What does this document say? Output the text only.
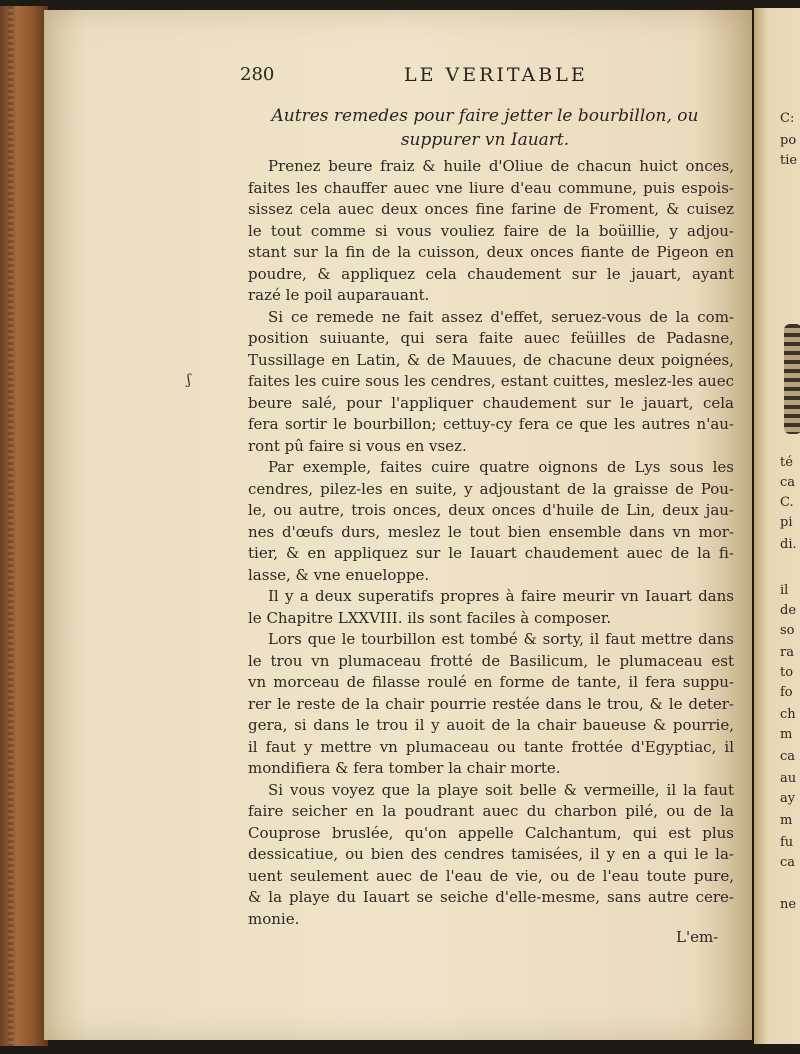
C:
po
tie
té
ca
C.
pi
di.
il
de
so
ra
to
fo
ch
m
ca
au
ay
m
fu
ca
ne
280	LE VERITABLE
Autres remedes pour faire jetter le bourbillon, ou
suppurer vn Iauart.
Prenez beure fraiz & huile d'Oliue de chacun huict onces,
faites les chauffer auec vne liure d'eau commune, puis espois-
sissez cela auec deux onces fine farine de Froment, & cuisez
le tout comme si vous vouliez faire de la boüillie, y adjou-
stant sur la fin de la cuisson, deux onces fiante de Pigeon en
poudre, & appliquez cela chaudement sur le jauart, ayant
razé le poil auparauant.
Si ce remede ne fait assez d'effet, seruez-vous de la com-
position suiuante, qui sera faite auec feüilles de Padasne,
Tussillage en Latin, & de Mauues, de chacune deux poignées,
faites les cuire sous les cendres, estant cuittes, meslez-les auec
beure salé, pour l'appliquer chaudement sur le jauart, cela
fera sortir le bourbillon; cettuy-cy fera ce que les autres n'au-
ront pû faire si vous en vsez.
Par exemple, faites cuire quatre oignons de Lys sous les
cendres, pilez-les en suite, y adjoustant de la graisse de Pou-
le, ou autre, trois onces, deux onces d'huile de Lin, deux jau-
nes d'œufs durs, meslez le tout bien ensemble dans vn mor-
tier, & en appliquez sur le Iauart chaudement auec de la fi-
lasse, & vne enueloppe.
Il y a deux superatifs propres à faire meurir vn Iauart dans
le Chapitre LXXVIII. ils sont faciles à composer.
Lors que le tourbillon est tombé & sorty, il faut mettre dans
le trou vn plumaceau frotté de Basilicum, le plumaceau est
vn morceau de filasse roulé en forme de tante, il fera suppu-
rer le reste de la chair pourrie restée dans le trou, & le deter-
gera, si dans le trou il y auoit de la chair baueuse & pourrie,
il faut y mettre vn plumaceau ou tante frottée d'Egyptiac, il
mondifiera & fera tomber la chair morte.
Si vous voyez que la playe soit belle & vermeille, il la faut
faire seicher en la poudrant auec du charbon pilé, ou de la
Couprose bruslée, qu'on appelle Calchantum, qui est plus
dessicatiue, ou bien des cendres tamisées, il y en a qui le la-
uent seulement auec de l'eau de vie, ou de l'eau toute pure,
& la playe du Iauart se seiche d'elle-mesme, sans autre cere-
monie.
ʃ
L'em-
